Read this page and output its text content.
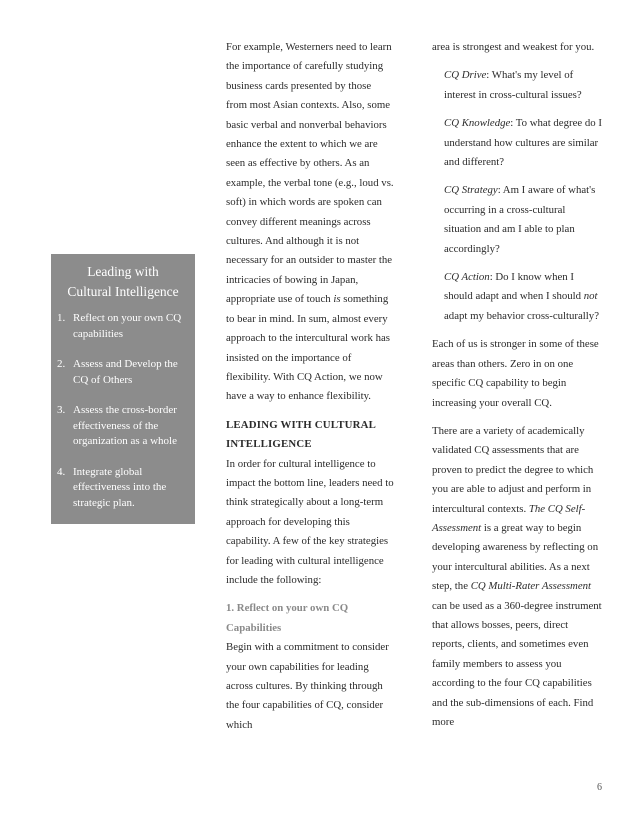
Leading with
Cultural Intelligence
1. Reflect on your own CQ capabilities
2. Assess and Develop the CQ of Others
3. Assess the cross-border effectiveness of the organization as a whole
4. Integrate global effectiveness into the strategic plan.

For example, Westerners need to learn the importance of carefully studying business cards presented by those from most Asian contexts. Also, some basic verbal and nonverbal behaviors enhance the extent to which we are seen as effective by others. As an example, the verbal tone (e.g., loud vs. soft) in which words are spoken can convey different meanings across cultures. And although it is not necessary for an outsider to master the intricacies of bowing in Japan, appropriate use of touch is something to bear in mind. In sum, almost every approach to the intercultural work has insisted on the importance of flexibility. With CQ Action, we now have a way to enhance flexibility.

LEADING WITH CULTURAL INTELLIGENCE

In order for cultural intelligence to impact the bottom line, leaders need to think strategically about a long-term approach for developing this capability. A few of the key strategies for leading with cultural intelligence include the following:

1. Reflect on your own CQ Capabilities

Begin with a commitment to consider your own capabilities for leading across cultures. By thinking through the four capabilities of CQ, consider which

area is strongest and weakest for you.

CQ Drive: What's my level of interest in cross-cultural issues?

CQ Knowledge: To what degree do I understand how cultures are similar and different?

CQ Strategy: Am I aware of what's occurring in a cross-cultural situation and am I able to plan accordingly?

CQ Action: Do I know when I should adapt and when I should not adapt my behavior cross-culturally?

Each of us is stronger in some of these areas than others. Zero in on one specific CQ capability to begin increasing your overall CQ.

There are a variety of academically validated CQ assessments that are proven to predict the degree to which you are able to adjust and perform in intercultural contexts. The CQ Self-Assessment is a great way to begin developing awareness by reflecting on your intercultural abilities. As a next step, the CQ Multi-Rater Assessment can be used as a 360-degree instrument that allows bosses, peers, direct reports, clients, and sometimes even family members to assess you according to the four CQ capabilities and the sub-dimensions of each. Find more

6
